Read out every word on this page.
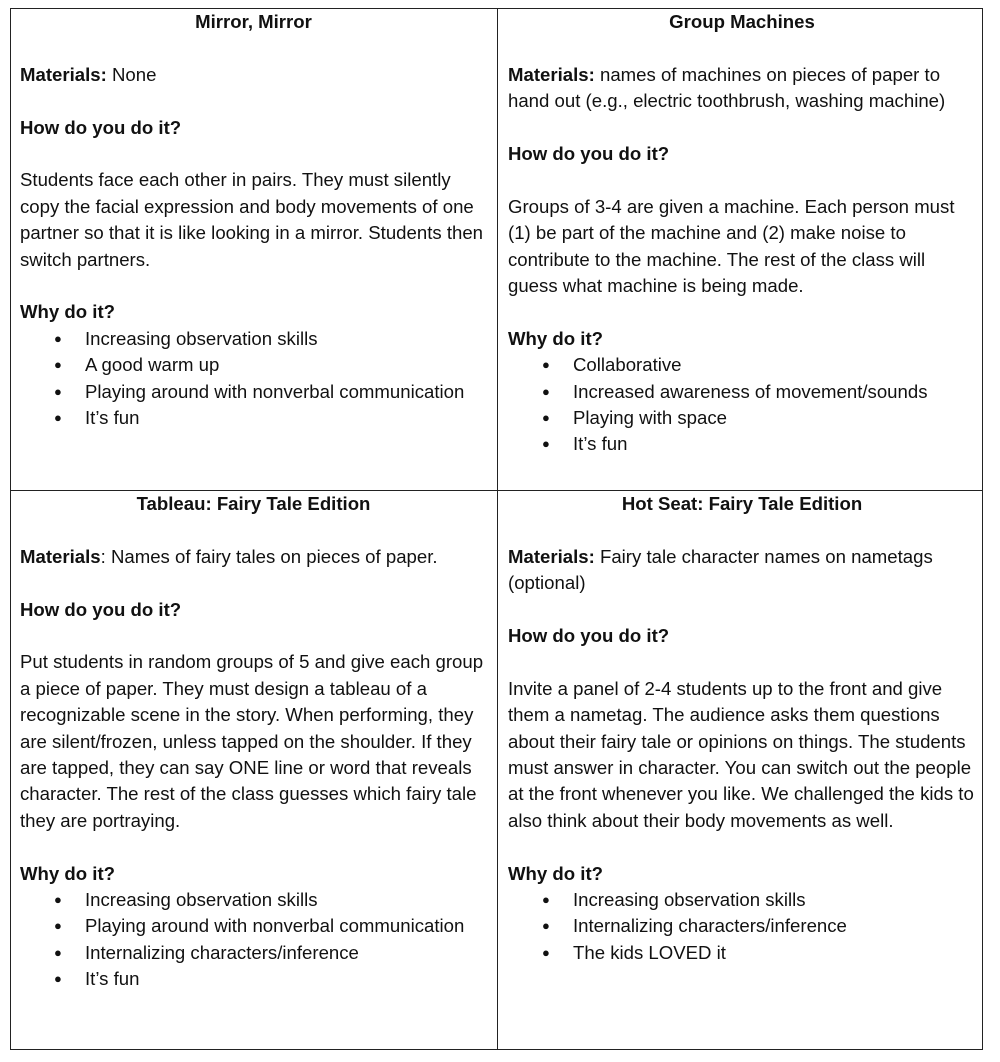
Mirror, Mirror

Materials: None

How do you do it?

Students face each other in pairs. They must silently copy the facial expression and body movements of one partner so that it is like looking in a mirror. Students then switch partners.

Why do it?

● Increasing observation skills
● A good warm up
● Playing around with nonverbal communication
● It’s fun

Group Machines

Materials: names of machines on pieces of paper to hand out (e.g., electric toothbrush, washing machine)

How do you do it?

Groups of 3-4 are given a machine. Each person must (1) be part of the machine and (2) make noise to contribute to the machine. The rest of the class will guess what machine is being made.

Why do it?

● Collaborative
● Increased awareness of movement/sounds
● Playing with space
● It’s fun

Tableau: Fairy Tale Edition

Materials: Names of fairy tales on pieces of paper.

How do you do it?

Put students in random groups of 5 and give each group a piece of paper. They must design a tableau of a recognizable scene in the story. When performing, they are silent/frozen, unless tapped on the shoulder. If they are tapped, they can say ONE line or word that reveals character. The rest of the class guesses which fairy tale they are portraying.

Why do it?

● Increasing observation skills
● Playing around with nonverbal communication
● Internalizing characters/inference
● It’s fun

Hot Seat: Fairy Tale Edition

Materials: Fairy tale character names on nametags (optional)

How do you do it?

Invite a panel of 2-4 students up to the front and give them a nametag. The audience asks them questions about their fairy tale or opinions on things. The students must answer in character. You can switch out the people at the front whenever you like. We challenged the kids to also think about their body movements as well.

Why do it?

● Increasing observation skills
● Internalizing characters/inference
● The kids LOVED it
